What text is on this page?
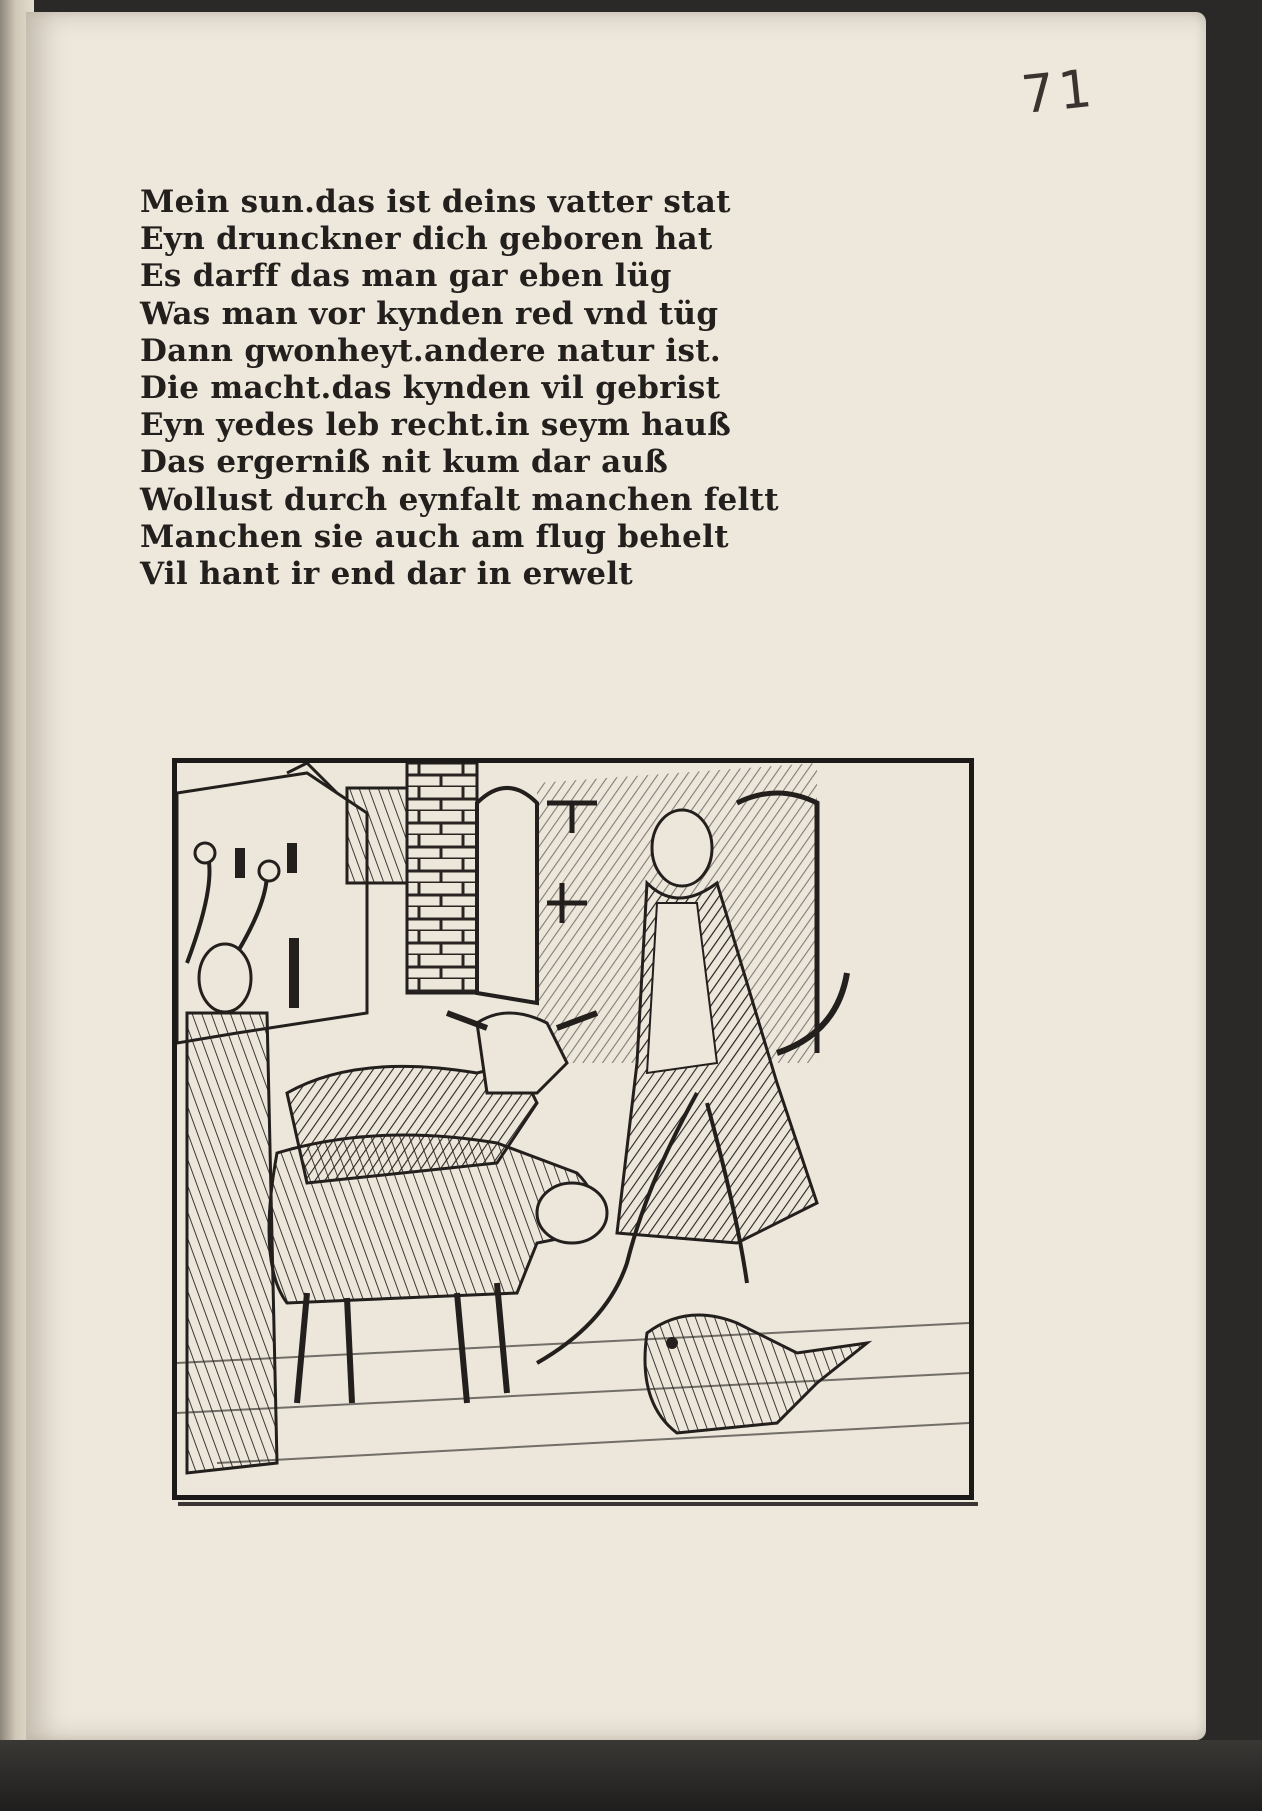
71
Mein sun.das ist deins vatter stat
Eyn drunckner dich geboren hat
Es darff das man gar eben lüg
Was man vor kynden red vnd tüg
Dann gwonheyt.andere natur ist.
Die macht.das kynden vil gebrist
Eyn yedes leb recht.in seym hauß
Das ergerniß nit kum dar auß
Wollust durch eynfalt manchen feltt
Manchen sie auch am flug behelt
Vil hant ir end dar in erwelt
